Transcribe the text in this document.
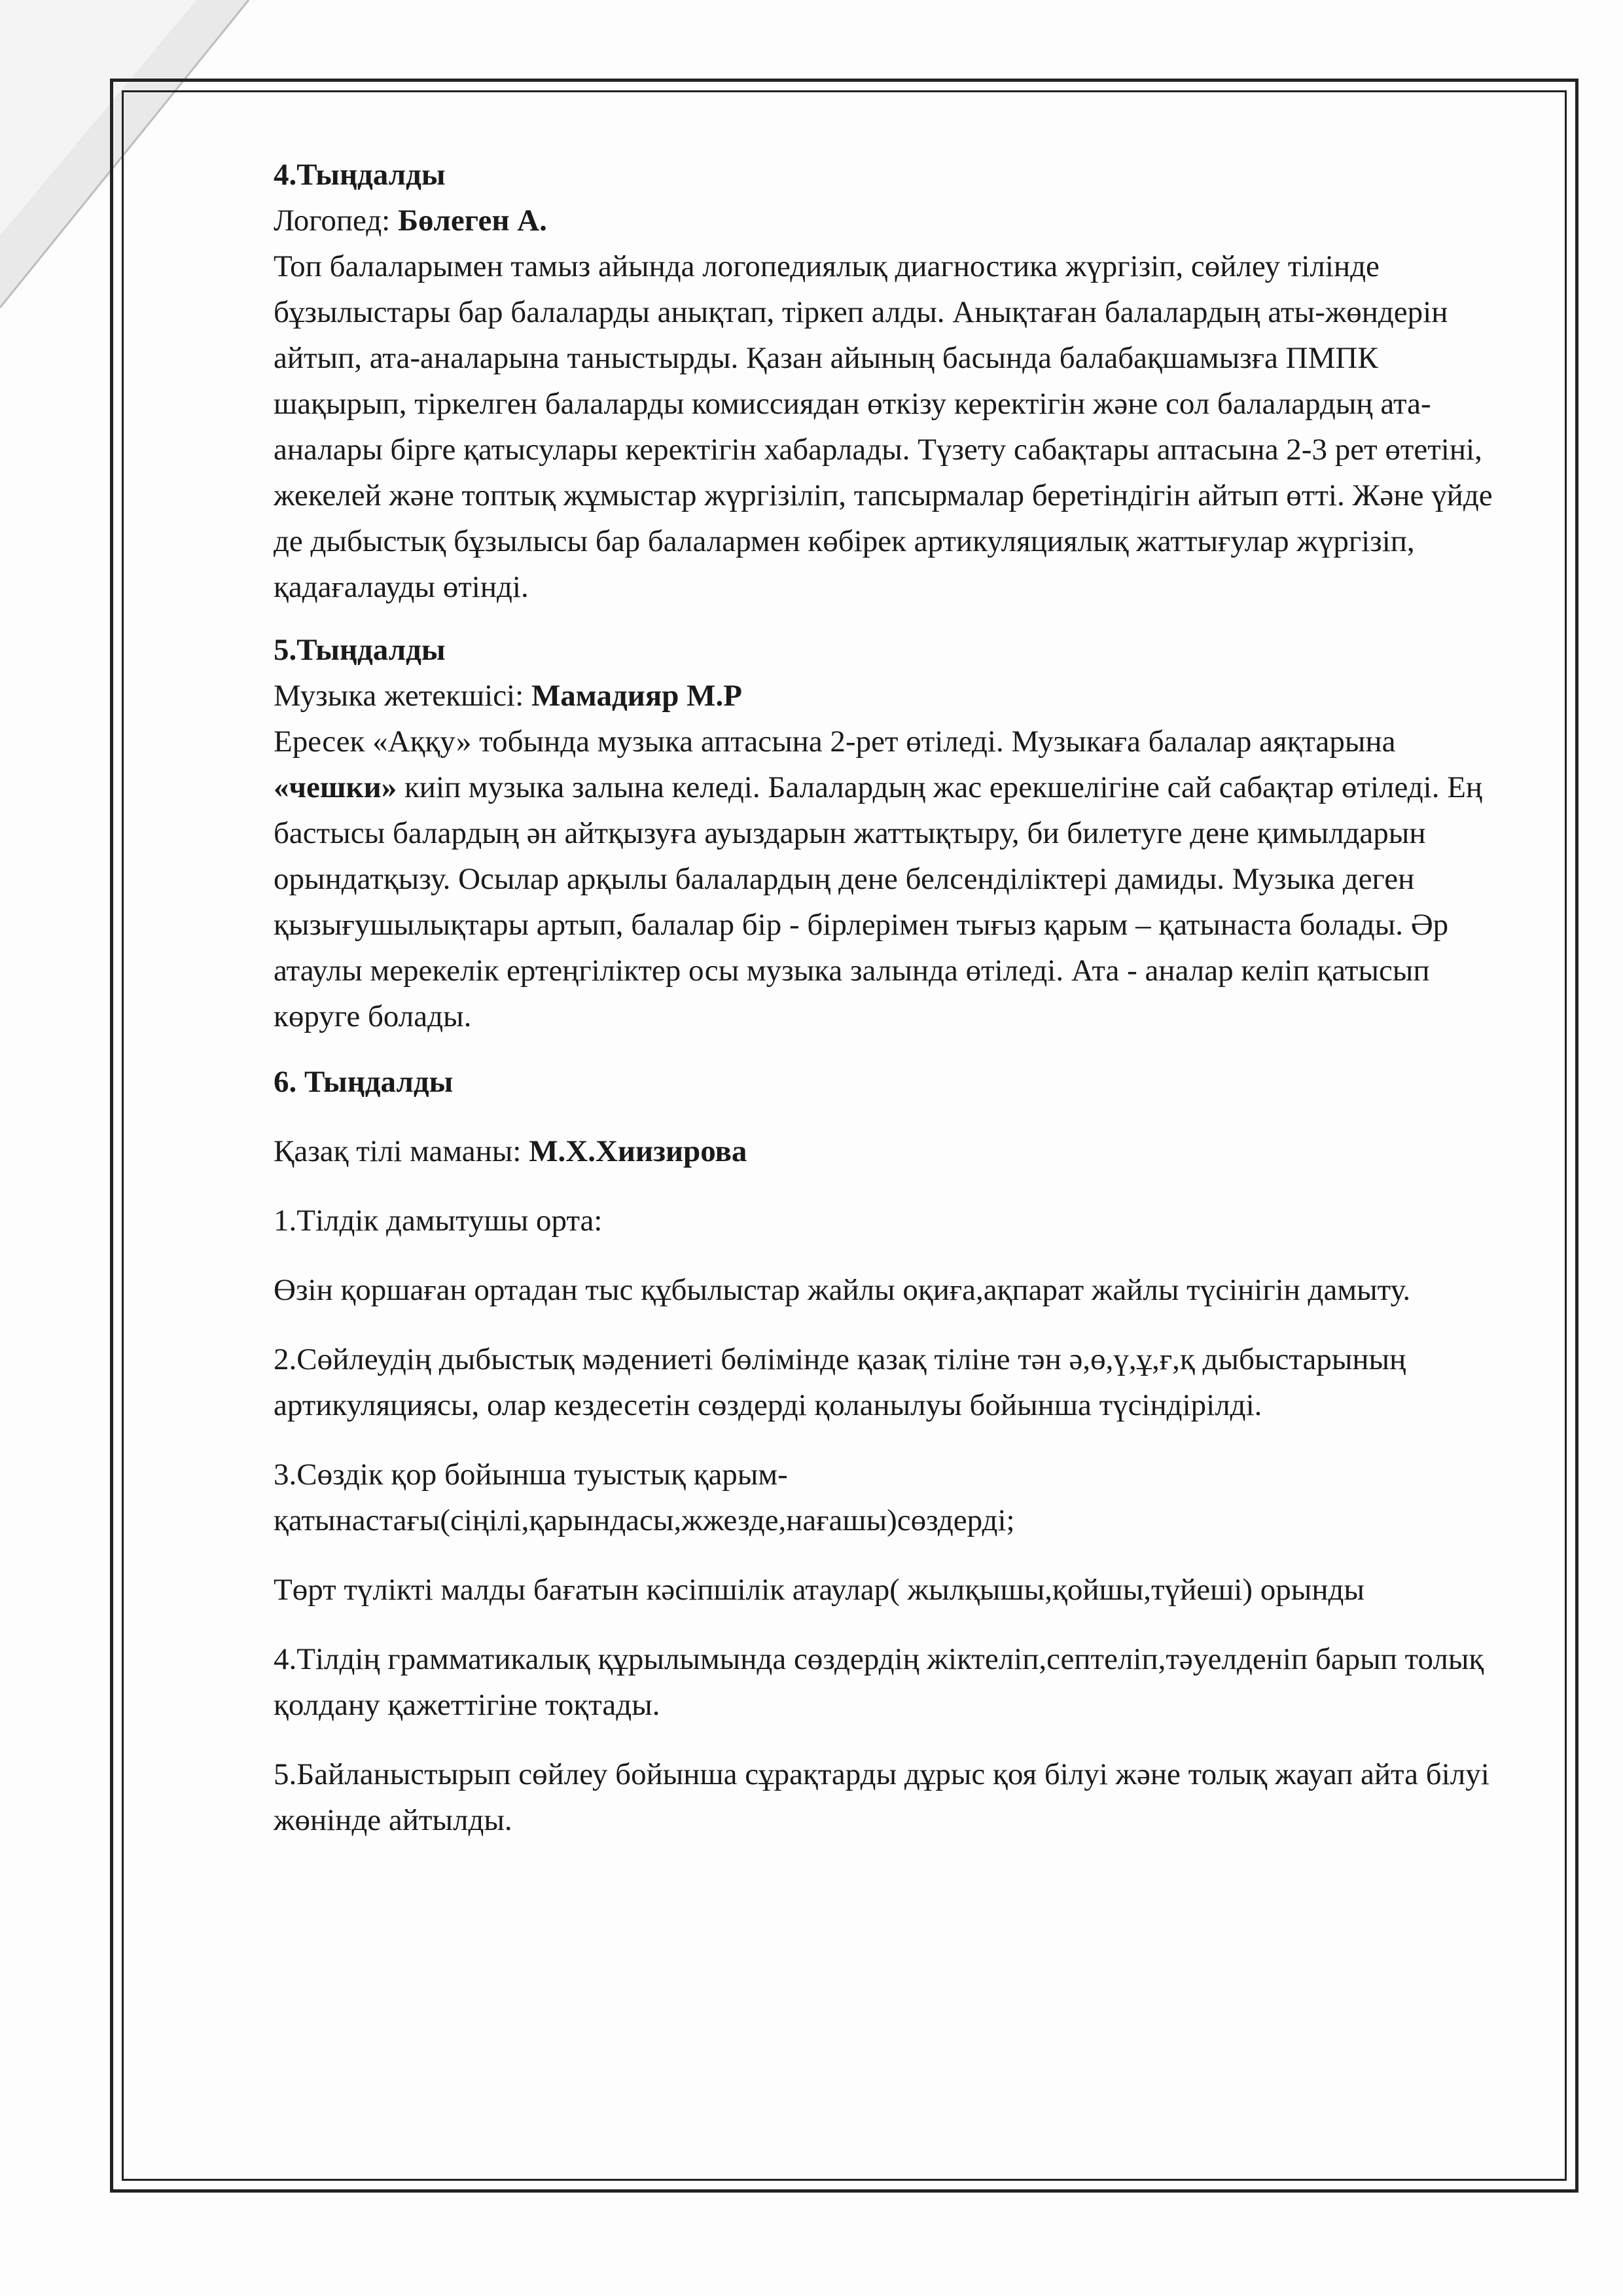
4.Тыңдалды
Логопед: Бөлеген А.

Топ балаларымен тамыз айында логопедиялық диагностика жүргізіп, сөйлеу тілінде бұзылыстары бар балаларды анықтап, тіркеп алды. Анықтаған балалардың аты-жөндерін айтып, ата-аналарына таныстырды. Қазан айының басында балабақшамызға ПМПК шақырып, тіркелген балаларды комиссиядан өткізу керектігін және сол балалардың ата-аналары бірге қатысулары керектігін хабарлады. Түзету сабақтары аптасына 2-3 рет өтетіні, жекелей және топтық жұмыстар жүргізіліп, тапсырмалар беретіндігін айтып өтті. Және үйде де дыбыстық бұзылысы бар балалармен көбірек артикуляциялық жаттығулар жүргізіп, қадағалауды өтінді.

5.Тыңдалды
Музыка жетекшісі: Мамадияр М.Р

Ересек «Аққу» тобында музыка аптасына 2-рет өтіледі. Музыкаға балалар аяқтарына «чешки» киіп музыка залына келеді. Балалардың жас ерекшелігіне сай сабақтар өтіледі. Ең бастысы балардың ән айтқызуға ауыздарын жаттықтыру, би билетуге дене қимылдарын орындатқызу. Осылар арқылы балалардың дене белсенділіктері дамиды. Музыка деген қызығушылықтары артып, балалар бір - бірлерімен тығыз қарым – қатынаста болады. Әр атаулы мерекелік ертеңгіліктер осы музыка залында өтіледі. Ата - аналар келіп қатысып көруге болады.

6. Тыңдалды

Қазақ тілі маманы: М.Х.Хиизирова

1.Тілдік дамытушы орта:

Өзін қоршаған ортадан тыс құбылыстар жайлы оқиға,ақпарат жайлы түсінігін дамыту.

2.Сөйлеудің дыбыстық мәдениеті бөлімінде қазақ тіліне тән ә,ө,ү,ұ,ғ,қ дыбыстарының артикуляциясы, олар кездесетін сөздерді қоланылуы бойынша түсіндірілді.

3.Сөздік қор бойынша туыстық қарым-қатынастағы(сіңілі,қарындасы,жжезде,нағашы)сөздерді;

Төрт түлікті малды бағатын кәсіпшілік атаулар( жылқышы,қойшы,түйеші) орынды

4.Тілдің грамматикалық құрылымында сөздердің жіктеліп,септеліп,тәуелденіп барып толық қолдану қажеттігіне тоқтады.

5.Байланыстырып сөйлеу бойынша сұрақтарды дұрыс қоя білуі және толық жауап айта білуі жөнінде айтылды.
